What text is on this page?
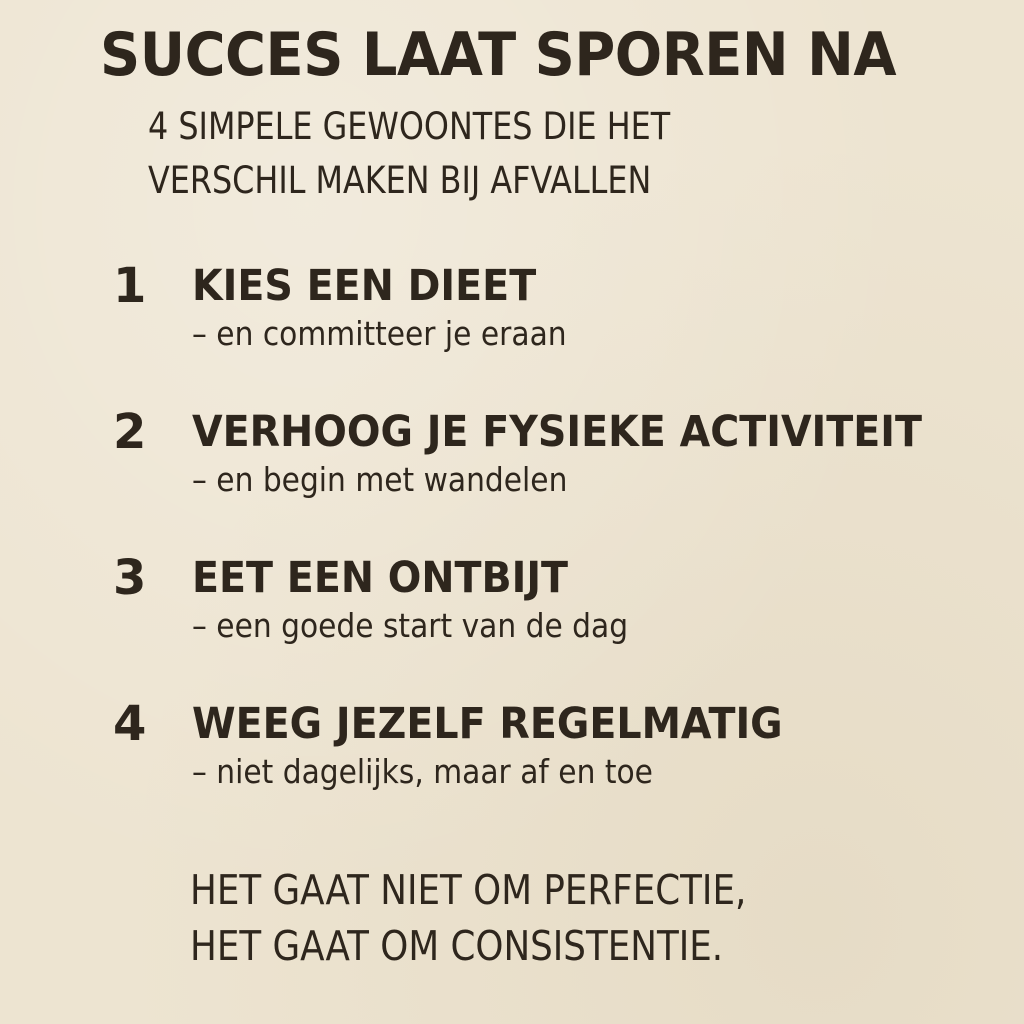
SUCCES LAAT SPOREN NA
4 SIMPELE GEWOONTES DIE HET
VERSCHIL MAKEN BIJ AFVALLEN
1 KIES EEN DIEET
– en committeer je eraan
2 VERHOOG JE FYSIEKE ACTIVITEIT
– en begin met wandelen
3 EET EEN ONTBIJT
– een goede start van de dag
4 WEEG JEZELF REGELMATIG
– niet dagelijks, maar af en toe
HET GAAT NIET OM PERFECTIE,
HET GAAT OM CONSISTENTIE.
